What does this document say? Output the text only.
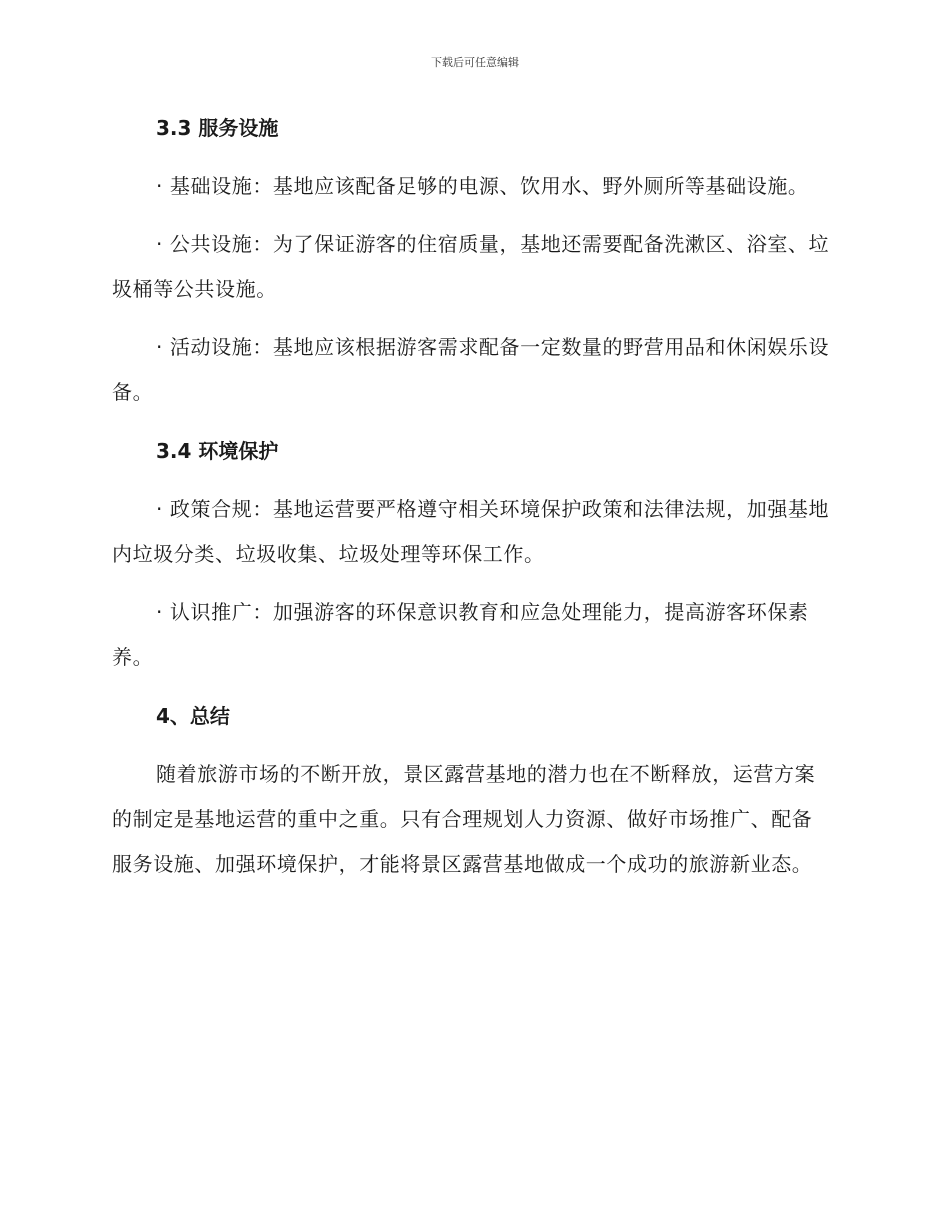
下载后可任意编辑
3.3 服务设施

· 基础设施：基地应该配备足够的电源、饮用水、野外厕所等基础设施。

· 公共设施：为了保证游客的住宿质量，基地还需要配备洗漱区、浴室、垃圾桶等公共设施。

· 活动设施：基地应该根据游客需求配备一定数量的野营用品和休闲娱乐设备。

3.4 环境保护

· 政策合规：基地运营要严格遵守相关环境保护政策和法律法规，加强基地内垃圾分类、垃圾收集、垃圾处理等环保工作。

· 认识推广：加强游客的环保意识教育和应急处理能力，提高游客环保素养。

4、总结

随着旅游市场的不断开放，景区露营基地的潜力也在不断释放，运营方案的制定是基地运营的重中之重。只有合理规划人力资源、做好市场推广、配备服务设施、加强环境保护，才能将景区露营基地做成一个成功的旅游新业态。
